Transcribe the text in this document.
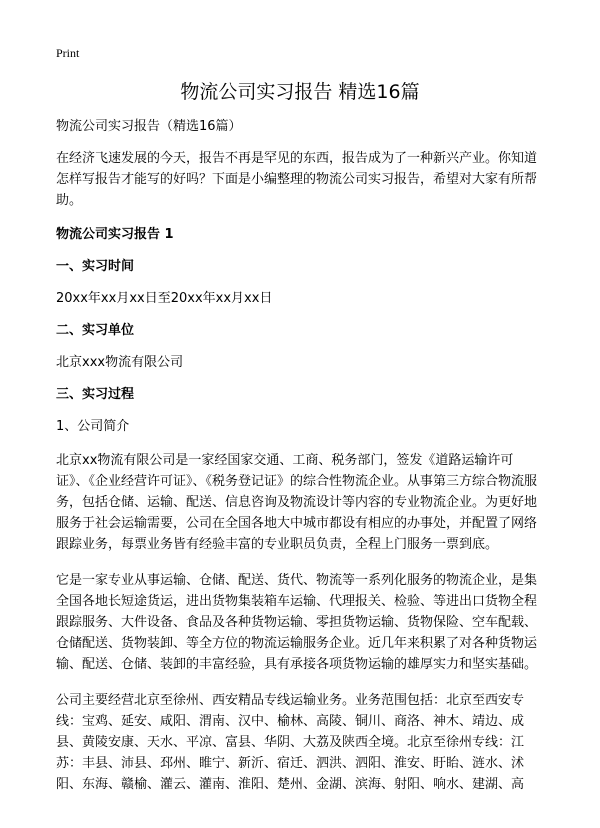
Print
物流公司实习报告 精选16篇
物流公司实习报告（精选16篇）
在经济飞速发展的今天，报告不再是罕见的东西，报告成为了一种新兴产业。你知道怎样写报告才能写的好吗？下面是小编整理的物流公司实习报告，希望对大家有所帮助。
物流公司实习报告 1
一、实习时间
20xx年xx月xx日至20xx年xx月xx日
二、实习单位
北京xxx物流有限公司
三、实习过程
1、公司简介
北京xx物流有限公司是一家经国家交通、工商、税务部门，签发《道路运输许可证》、《企业经营许可证》、《税务登记证》的综合性物流企业。从事第三方综合物流服务，包括仓储、运输、配送、信息咨询及物流设计等内容的专业物流企业。为更好地服务于社会运输需要，公司在全国各地大中城市都设有相应的办事处，并配置了网络跟踪业务，每票业务皆有经验丰富的专业职员负责，全程上门服务一票到底。
它是一家专业从事运输、仓储、配送、货代、物流等一系列化服务的物流企业，是集全国各地长短途货运，进出货物集装箱车运输、代理报关、检验、等进出口货物全程跟踪服务、大件设备、食品及各种货物运输、零担货物运输、货物保险、空车配载、仓储配送、货物装卸、等全方位的物流运输服务企业。近几年来积累了对各种货物运输、配送、仓储、装卸的丰富经验，具有承接各项货物运输的雄厚实力和坚实基础。
公司主要经营北京至徐州、西安精品专线运输业务。业务范围包括：北京至西安专线：宝鸡、延安、咸阳、渭南、汉中、榆林、高陵、铜川、商洛、神木、靖边、成县、黄陵安康、天水、平凉、富县、华阴、大荔及陕西全境。北京至徐州专线：江苏：丰县、沛县、邳州、睢宁、新沂、宿迁、泗洪、泗阳、淮安、盱眙、涟水、沭阳、东海、赣榆、灌云、灌南、淮阳、楚州、金湖、滨海、射阳、响水、建湖、高
